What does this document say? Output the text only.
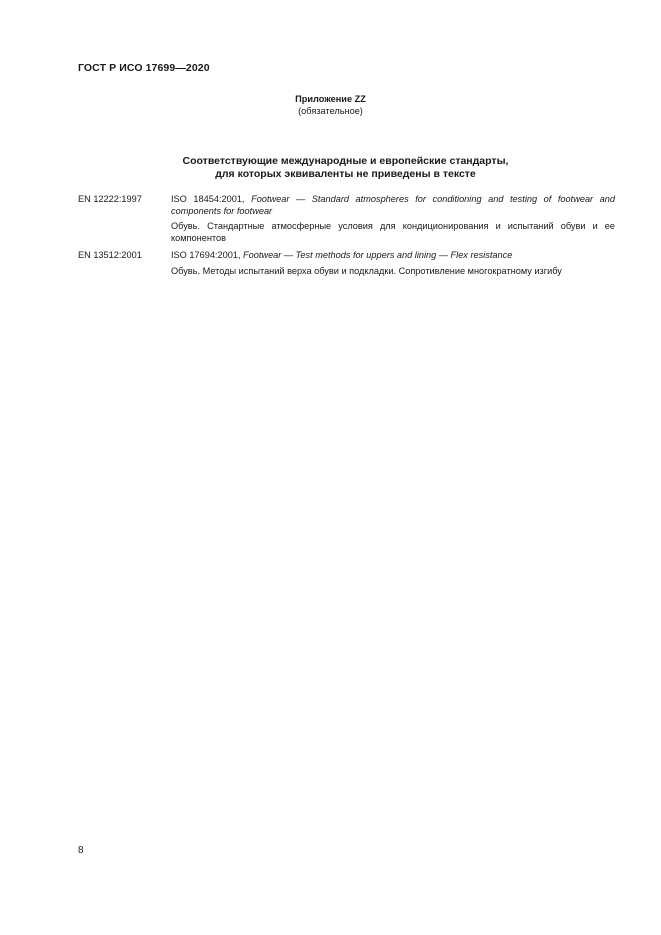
ГОСТ Р ИСО 17699—2020
Приложение ZZ
(обязательное)
Соответствующие международные и европейские стандарты,
для которых эквиваленты не приведены в тексте
EN 12222:1997	ISO 18454:2001, Footwear — Standard atmospheres for conditioning and testing of footwear and components for footwear
Обувь. Стандартные атмосферные условия для кондиционирования и испытаний обуви и ее компонентов
EN 13512:2001	ISO 17694:2001, Footwear — Test methods for uppers and lining — Flex resistance
Обувь. Методы испытаний верха обуви и подкладки. Сопротивление многократному изгибу
8
